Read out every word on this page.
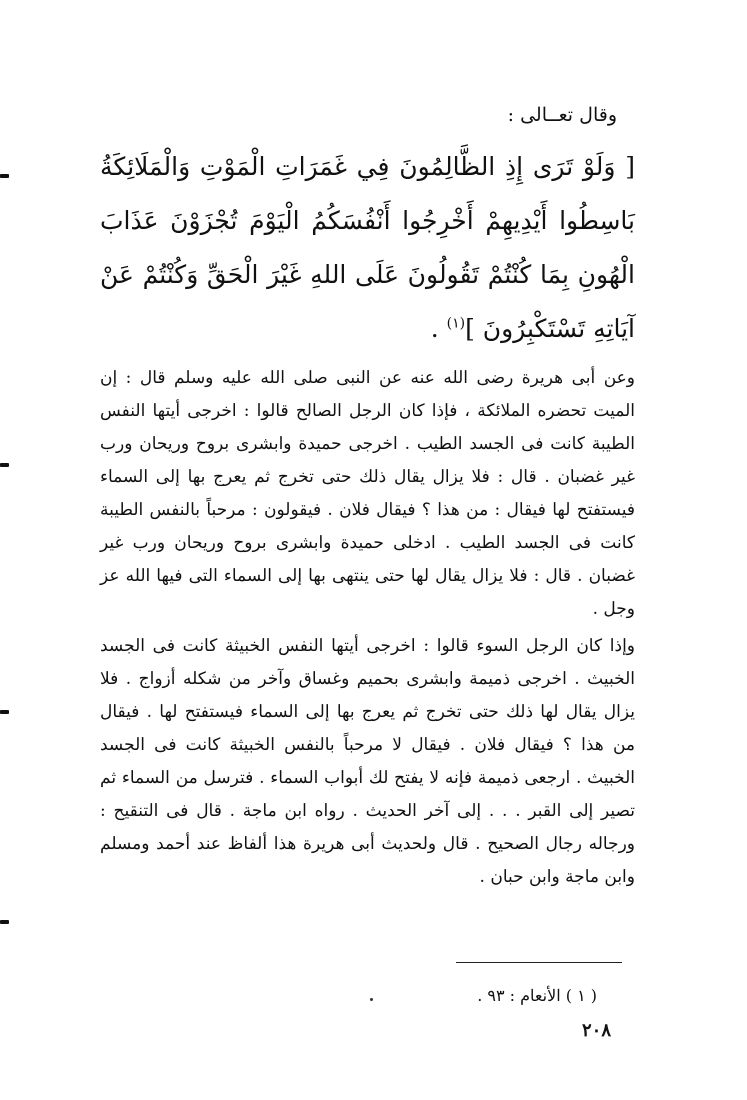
وقال تعــالى :
[ وَلَوْ تَرَى إِذِ الظَّالِمُونَ فِي غَمَرَاتِ الْمَوْتِ وَالْمَلَائِكَةُ بَاسِطُوا أَيْدِيهِمْ أَخْرِجُوا أَنْفُسَكُمُ الْيَوْمَ تُجْزَوْنَ عَذَابَ الْهُونِ بِمَا كُنْتُمْ تَقُولُونَ عَلَى اللهِ غَيْرَ الْحَقِّ وَكُنْتُمْ عَنْ آيَاتِهِ تَسْتَكْبِرُونَ ]$^{(١)}$ .
وعن أبى هريرة رضى الله عنه عن النبى صلى الله عليه وسلم قال : إن الميت تحضره الملائكة ، فإذا كان الرجل الصالح قالوا : اخرجى أيتها النفس الطيبة كانت فى الجسد الطيب . اخرجى حميدة وابشرى بروح وريحان ورب غير غضبان . قال : فلا يزال يقال ذلك حتى تخرج ثم يعرج بها إلى السماء فيستفتح لها فيقال : من هذا ؟ فيقال فلان . فيقولون : مرحباً بالنفس الطيبة كانت فى الجسد الطيب . ادخلى حميدة وابشرى بروح وريحان ورب غير غضبان . قال : فلا يزال يقال لها حتى ينتهى بها إلى السماء التى فيها الله عز وجل .
وإذا كان الرجل السوء قالوا : اخرجى أيتها النفس الخبيثة كانت فى الجسد الخبيث . اخرجى ذميمة وابشرى بحميم وغساق وآخر من شكله أزواج . فلا يزال يقال لها ذلك حتى تخرج ثم يعرج بها إلى السماء فيستفتح لها . فيقال من هذا ؟ فيقال فلان . فيقال لا مرحباً بالنفس الخبيثة كانت فى الجسد الخبيث . ارجعى ذميمة فإنه لا يفتح لك أبواب السماء . فترسل من السماء ثم تصير إلى القبر . . . إلى آخر الحديث . رواه ابن ماجة . قال فى التنقيح : ورجاله رجال الصحيح . قال ولحديث أبى هريرة هذا ألفاظ عند أحمد ومسلم وابن ماجة وابن حبان .
( ١ ) الأنعام : ٩٣ .
٢٠٨
